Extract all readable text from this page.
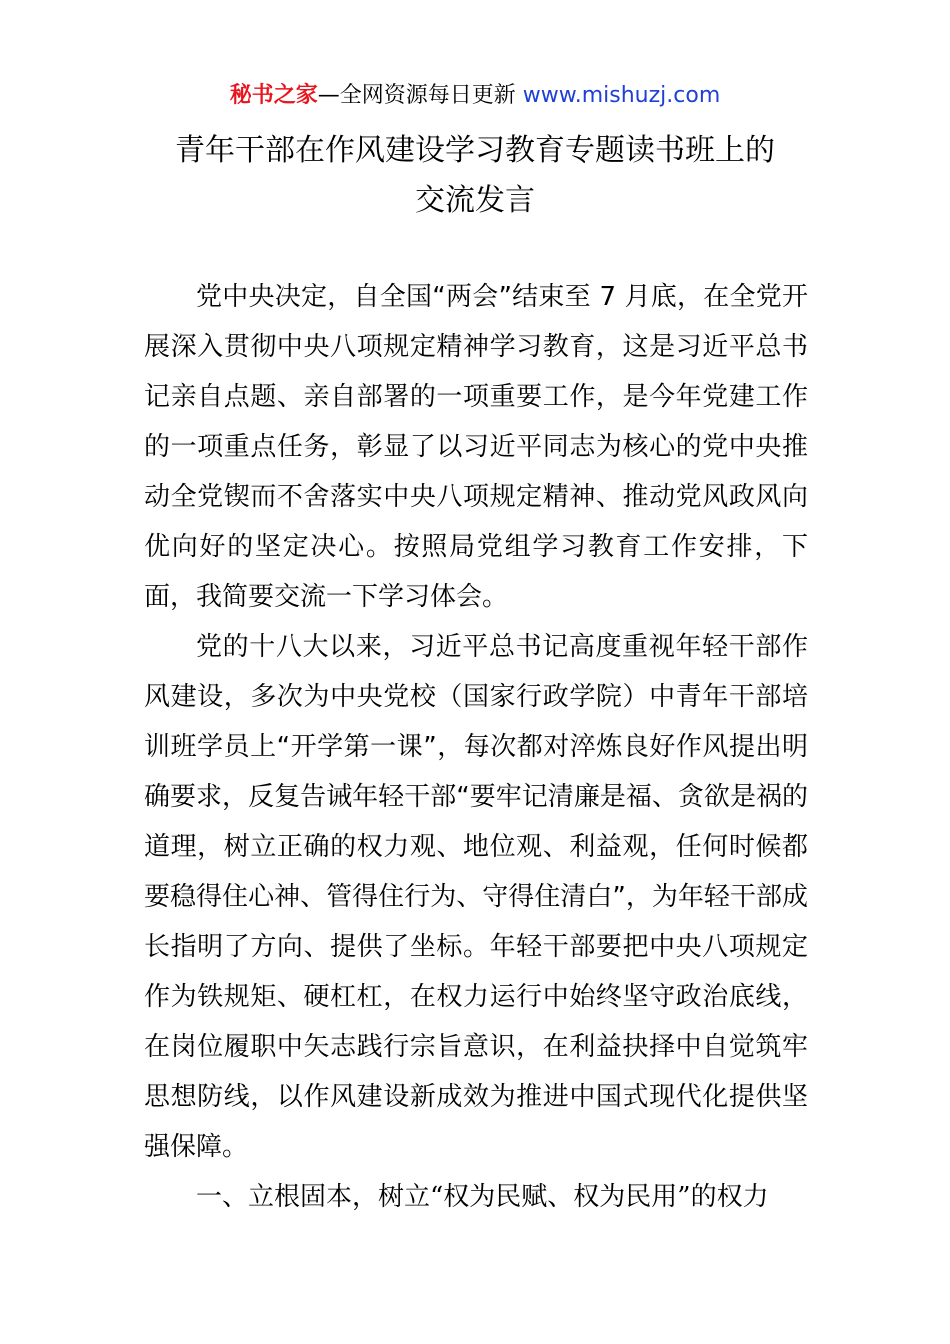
秘书之家—全网资源每日更新 www.mishuzj.com
青年干部在作风建设学习教育专题读书班上的
交流发言

党中央决定，自全国“两会”结束至 7 月底，在全党开展深入贯彻中央八项规定精神学习教育，这是习近平总书记亲自点题、亲自部署的一项重要工作，是今年党建工作的一项重点任务，彰显了以习近平同志为核心的党中央推动全党锲而不舍落实中央八项规定精神、推动党风政风向优向好的坚定决心。按照局党组学习教育工作安排，下面，我简要交流一下学习体会。

党的十八大以来，习近平总书记高度重视年轻干部作风建设，多次为中央党校（国家行政学院）中青年干部培训班学员上“开学第一课”，每次都对淬炼良好作风提出明确要求，反复告诫年轻干部“要牢记清廉是福、贪欲是祸的道理，树立正确的权力观、地位观、利益观，任何时候都要稳得住心神、管得住行为、守得住清白”，为年轻干部成长指明了方向、提供了坐标。年轻干部要把中央八项规定作为铁规矩、硬杠杠，在权力运行中始终坚守政治底线，在岗位履职中矢志践行宗旨意识，在利益抉择中自觉筑牢思想防线，以作风建设新成效为推进中国式现代化提供坚强保障。

一、立根固本，树立“权为民赋、权为民用”的权力
